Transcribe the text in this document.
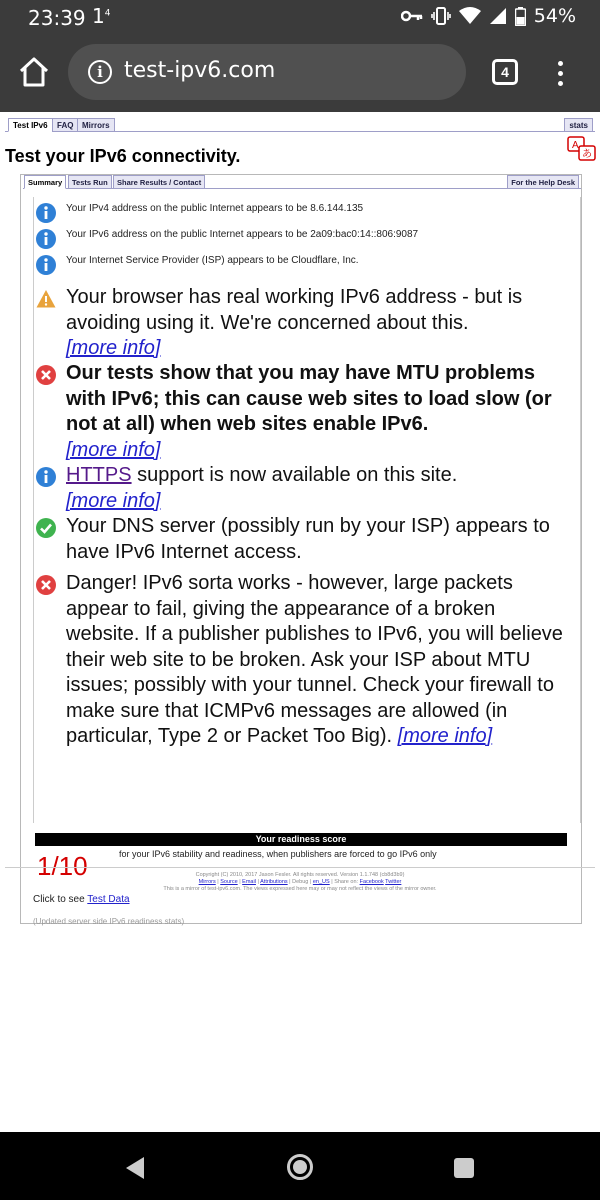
23:39 $1^4$	54%
i test-ipv6.com	4
Test IPv6	FAQ	Mirrors	stats
Test your IPv6 connectivity.
A
あ
Summary	Tests Run	Share Results / Contact	For the Help Desk
Your IPv4 address on the public Internet appears to be 8.6.144.135
Your IPv6 address on the public Internet appears to be 2a09:bac0:14::806:9087
Your Internet Service Provider (ISP) appears to be Cloudflare, Inc.
Your browser has real working IPv6 address - but is avoiding using it. We're concerned about this.
[more info]
Our tests show that you may have MTU problems with IPv6; this can cause web sites to load slow (or not at all) when web sites enable IPv6.
[more info]
HTTPS support is now available on this site.
[more info]
Your DNS server (possibly run by your ISP) appears to have IPv6 Internet access.
Danger! IPv6 sorta works - however, large packets appear to fail, giving the appearance of a broken website. If a publisher publishes to IPv6, you will believe their web site to be broken. Ask your ISP about MTU issues; possibly with your tunnel. Check your firewall to make sure that ICMPv6 messages are allowed (in particular, Type 2 or Packet Too Big). [more info]
Your readiness score
1/10	for your IPv6 stability and readiness, when publishers are forced to go IPv6 only
Click to see Test Data
(Updated server side IPv6 readiness stats)
Copyright (C) 2010, 2017 Jason Fesler. All rights reserved. Version 1.1.748 (cb8d3b9)
Mirrors | Source | Email | Attributions | Debug | en_US | Share on: Facebook Twitter
This is a mirror of test-ipv6.com. The views expressed here may or may not reflect the views of the mirror owner.
